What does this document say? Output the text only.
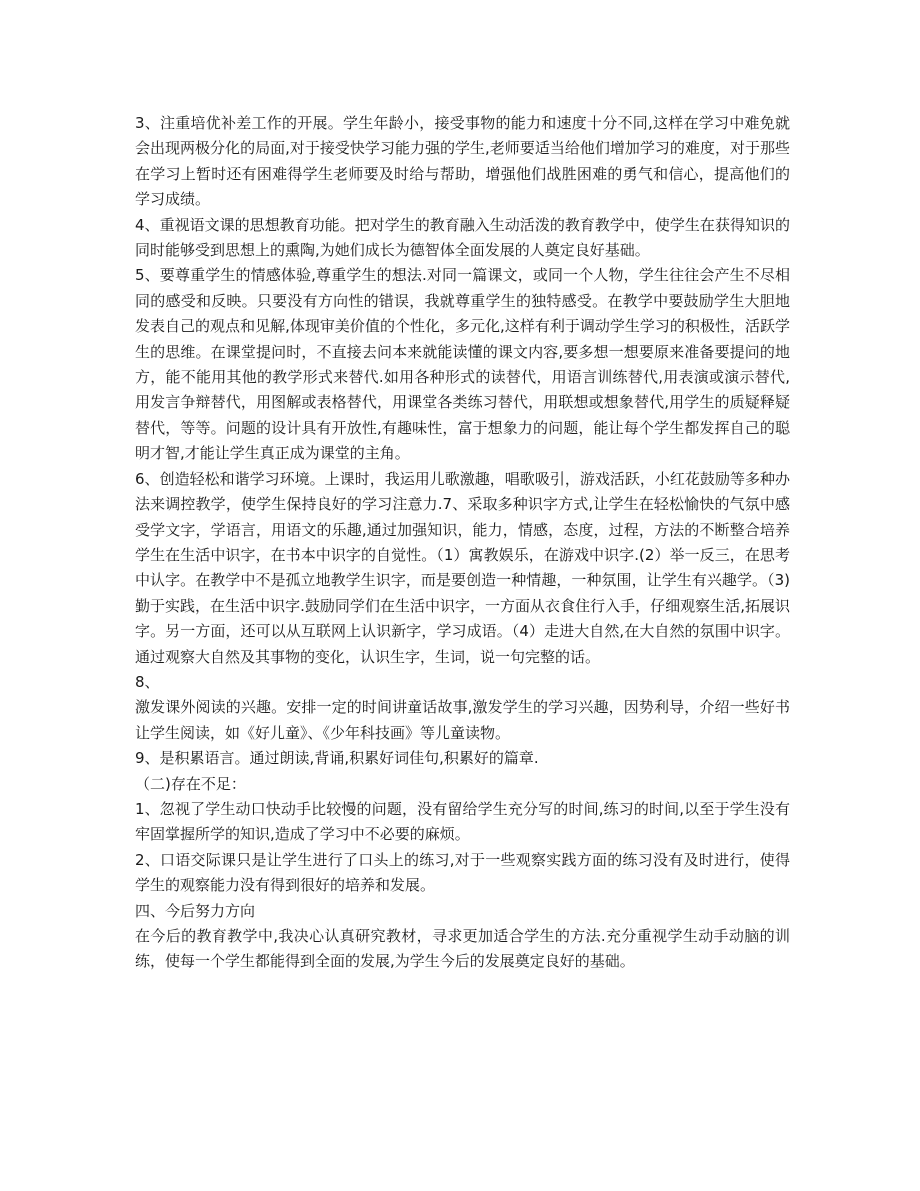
3、注重培优补差工作的开展。学生年龄小，接受事物的能力和速度十分不同,这样在学习中难免就会出现两极分化的局面,对于接受快学习能力强的学生,老师要适当给他们增加学习的难度，对于那些在学习上暂时还有困难得学生老师要及时给与帮助，增强他们战胜困难的勇气和信心，提高他们的学习成绩。

4、重视语文课的思想教育功能。把对学生的教育融入生动活泼的教育教学中，使学生在获得知识的同时能够受到思想上的熏陶,为她们成长为德智体全面发展的人奠定良好基础。

5、要尊重学生的情感体验,尊重学生的想法.对同一篇课文，或同一个人物，学生往往会产生不尽相同的感受和反映。只要没有方向性的错误，我就尊重学生的独特感受。在教学中要鼓励学生大胆地发表自己的观点和见解,体现审美价值的个性化，多元化,这样有利于调动学生学习的积极性，活跃学生的思维。在课堂提问时，不直接去问本来就能读懂的课文内容,要多想一想要原来准备要提问的地方，能不能用其他的教学形式来替代.如用各种形式的读替代，用语言训练替代,用表演或演示替代,用发言争辩替代，用图解或表格替代，用课堂各类练习替代，用联想或想象替代,用学生的质疑释疑替代，等等。问题的设计具有开放性,有趣味性，富于想象力的问题，能让每个学生都发挥自己的聪明才智,才能让学生真正成为课堂的主角。

6、创造轻松和谐学习环境。上课时，我运用儿歌激趣，唱歌吸引，游戏活跃，小红花鼓励等多种办法来调控教学，使学生保持良好的学习注意力.7、采取多种识字方式,让学生在轻松愉快的气氛中感受学文字，学语言，用语文的乐趣,通过加强知识，能力，情感，态度，过程，方法的不断整合培养学生在生活中识字，在书本中识字的自觉性。（1）寓教娱乐，在游戏中识字.(2）举一反三，在思考中认字。在教学中不是孤立地教学生识字，而是要创造一种情趣，一种氛围，让学生有兴趣学。（3)勤于实践，在生活中识字.鼓励同学们在生活中识字，一方面从衣食住行入手，仔细观察生活,拓展识字。另一方面，还可以从互联网上认识新字，学习成语。（4）走进大自然,在大自然的氛围中识字。通过观察大自然及其事物的变化，认识生字，生词，说一句完整的话。

8、

激发课外阅读的兴趣。安排一定的时间讲童话故事,激发学生的学习兴趣，因势利导，介绍一些好书让学生阅读，如《好儿童》、《少年科技画》等儿童读物。

9、是积累语言。通过朗读,背诵,积累好词佳句,积累好的篇章.

（二)存在不足：

1、忽视了学生动口快动手比较慢的问题，没有留给学生充分写的时间,练习的时间,以至于学生没有牢固掌握所学的知识,造成了学习中不必要的麻烦。

2、口语交际课只是让学生进行了口头上的练习,对于一些观察实践方面的练习没有及时进行，使得学生的观察能力没有得到很好的培养和发展。

四、今后努力方向

在今后的教育教学中,我决心认真研究教材，寻求更加适合学生的方法.充分重视学生动手动脑的训练，使每一个学生都能得到全面的发展,为学生今后的发展奠定良好的基础。
